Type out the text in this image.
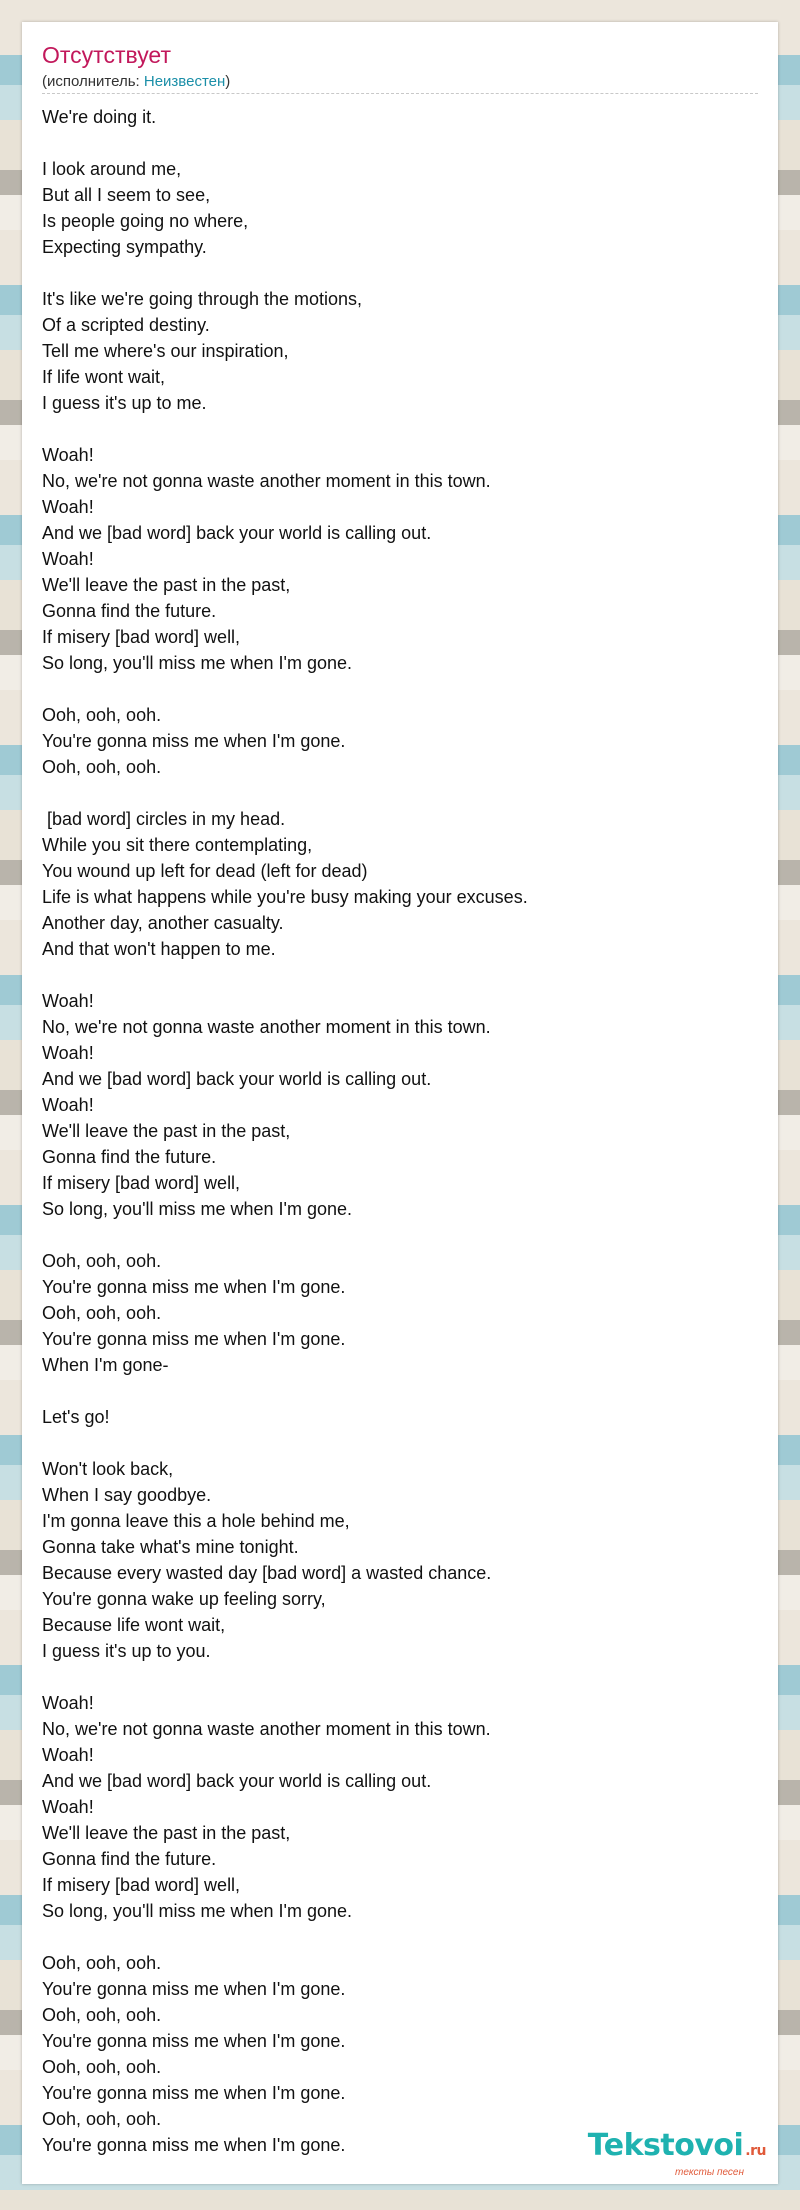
Отсутствует
(исполнитель: Неизвестен)
We're doing it.
I look around me,
But all I seem to see,
Is people going no where,
Expecting sympathy.
It's like we're going through the motions,
Of a scripted destiny.
Tell me where's our inspiration,
If life wont wait,
I guess it's up to me.
Woah!
No, we're not gonna waste another moment in this town.
Woah!
And we [bad word] back your world is calling out.
Woah!
We'll leave the past in the past,
Gonna find the future.
If misery [bad word] well,
So long, you'll miss me when I'm gone.
Ooh, ooh, ooh.
You're gonna miss me when I'm gone.
Ooh, ooh, ooh.
[bad word] circles in my head.
While you sit there contemplating,
You wound up left for dead (left for dead)
Life is what happens while you're busy making your excuses.
Another day, another casualty.
And that won't happen to me.
Woah!
No, we're not gonna waste another moment in this town.
Woah!
And we [bad word] back your world is calling out.
Woah!
We'll leave the past in the past,
Gonna find the future.
If misery [bad word] well,
So long, you'll miss me when I'm gone.
Ooh, ooh, ooh.
You're gonna miss me when I'm gone.
Ooh, ooh, ooh.
You're gonna miss me when I'm gone.
When I'm gone-
Let's go!
Won't look back,
When I say goodbye.
I'm gonna leave this a hole behind me,
Gonna take what's mine tonight.
Because every wasted day [bad word] a wasted chance.
You're gonna wake up feeling sorry,
Because life wont wait,
I guess it's up to you.
Woah!
No, we're not gonna waste another moment in this town.
Woah!
And we [bad word] back your world is calling out.
Woah!
We'll leave the past in the past,
Gonna find the future.
If misery [bad word] well,
So long, you'll miss me when I'm gone.
Ooh, ooh, ooh.
You're gonna miss me when I'm gone.
Ooh, ooh, ooh.
You're gonna miss me when I'm gone.
Ooh, ooh, ooh.
You're gonna miss me when I'm gone.
Ooh, ooh, ooh.
You're gonna miss me when I'm gone.	Tekstovoi .ru
тексты песен
